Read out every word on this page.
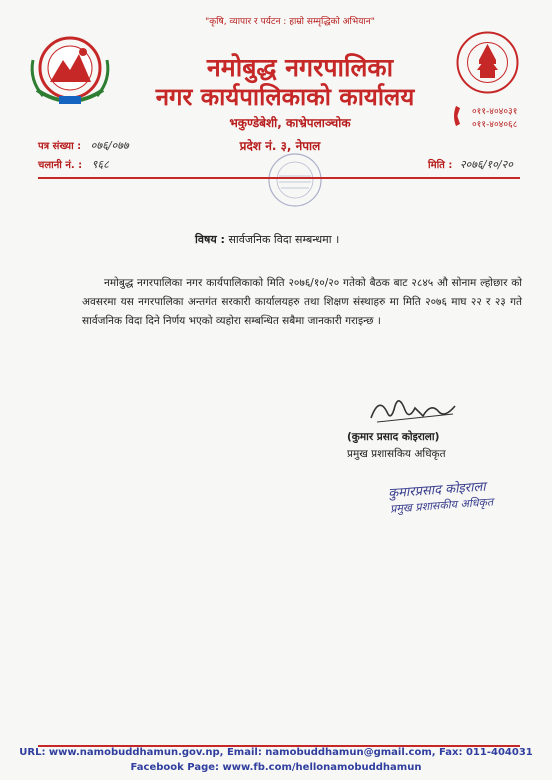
"कृषि, व्यापार र पर्यटन : हाम्रो सम्मृद्धिको अभियान"
नमोबुद्ध नगरपालिका
नगर कार्यपालिकाको कार्यालय
भकुण्डेबेशी, काभ्रेपलाञ्चोक
प्रदेश नं. ३, नेपाल
०११-४०४०३१
०११-४०४०६८
पत्र संख्या : ०७६/०७७
चलानी नं. : ९६८	मिति : २०७६/१०/२०
विषय : सार्वजनिक विदा सम्बन्धमा ।

नमोबुद्ध नगरपालिका नगर कार्यपालिकाको मिति २०७६/१०/२० गतेको बैठक बाट २८४५ औ सोनाम ल्होछार को अवसरमा यस नगरपालिका अन्तगंत सरकारी कार्यालयहरु तथा शिक्षण संस्थाहरु मा मिति २०७६ माघ २२ र २३ गते सार्वजनिक विदा दिने निर्णय भएको व्यहोरा सम्बन्धित सबैमा जानकारी गराइन्छ ।

(कुमार प्रसाद कोइराला)
प्रमुख प्रशासकिय अधिकृत
कुमारप्रसाद कोइराला
प्रमुख प्रशासकीय अधिकृत
URL: www.namobuddhamun.gov.np, Email: namobuddhamun@gmail.com, Fax: 011-404031
Facebook Page: www.fb.com/hellonamobuddhamun
